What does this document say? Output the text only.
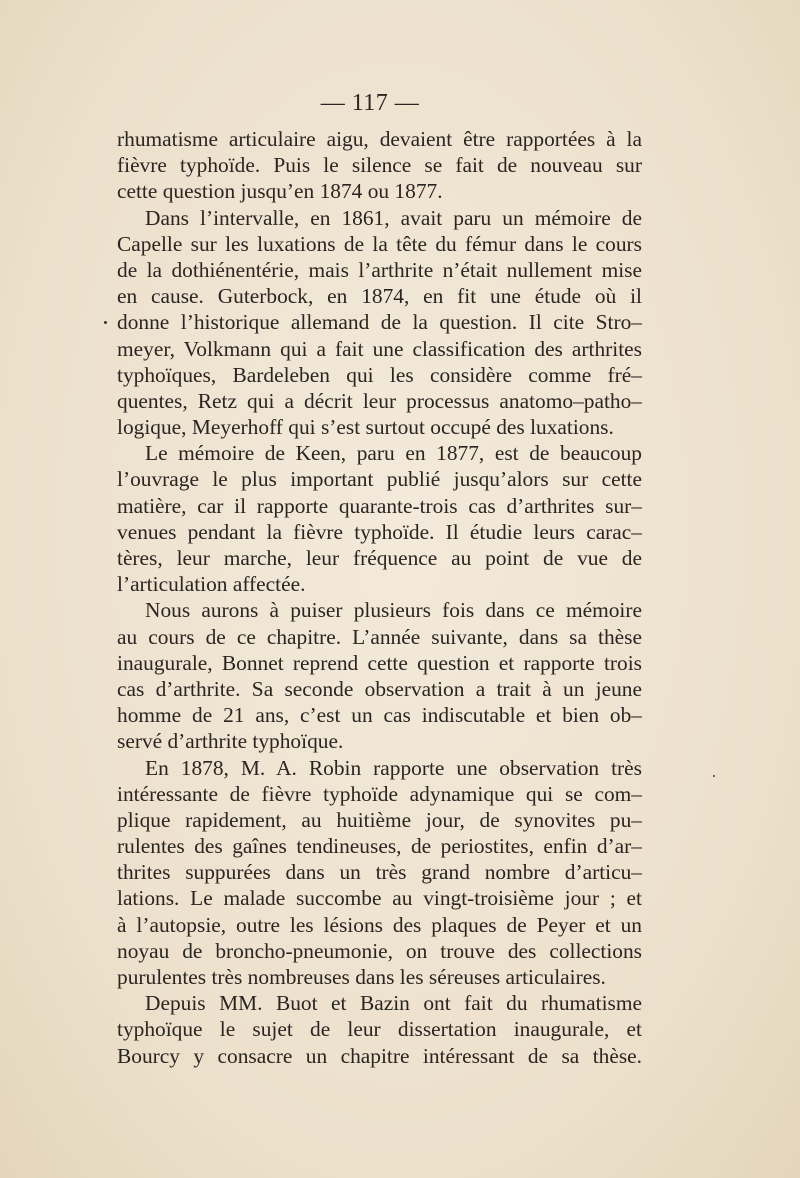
— 117 —
rhumatisme articulaire aigu, devaient être rapportées à la
fièvre typhoïde. Puis le silence se fait de nouveau sur
cette question jusqu’en 1874 ou 1877.
Dans l’intervalle, en 1861, avait paru un mémoire de
Capelle sur les luxations de la tête du fémur dans le cours
de la dothiénentérie, mais l’arthrite n’était nullement mise
en cause. Guterbock, en 1874, en fit une étude où il
donne l’historique allemand de la question. Il cite Stro–
meyer, Volkmann qui a fait une classification des arthrites
typhoïques, Bardeleben qui les considère comme fré–
quentes, Retz qui a décrit leur processus anatomo–patho–
logique, Meyerhoff qui s’est surtout occupé des luxations.
Le mémoire de Keen, paru en 1877, est de beaucoup
l’ouvrage le plus important publié jusqu’alors sur cette
matière, car il rapporte quarante-trois cas d’arthrites sur–
venues pendant la fièvre typhoïde. Il étudie leurs carac–
tères, leur marche, leur fréquence au point de vue de
l’articulation affectée.
Nous aurons à puiser plusieurs fois dans ce mémoire
au cours de ce chapitre. L’année suivante, dans sa thèse
inaugurale, Bonnet reprend cette question et rapporte trois
cas d’arthrite. Sa seconde observation a trait à un jeune
homme de 21 ans, c’est un cas indiscutable et bien ob–
servé d’arthrite typhoïque.
En 1878, M. A. Robin rapporte une observation très
intéressante de fièvre typhoïde adynamique qui se com–
plique rapidement, au huitième jour, de synovites pu–
rulentes des gaînes tendineuses, de periostites, enfin d’ar–
thrites suppurées dans un très grand nombre d’articu–
lations. Le malade succombe au vingt-troisième jour ; et
à l’autopsie, outre les lésions des plaques de Peyer et un
noyau de broncho-pneumonie, on trouve des collections
purulentes très nombreuses dans les séreuses articulaires.
Depuis MM. Buot et Bazin ont fait du rhumatisme
typhoïque le sujet de leur dissertation inaugurale, et
Bourcy y consacre un chapitre intéressant de sa thèse.
